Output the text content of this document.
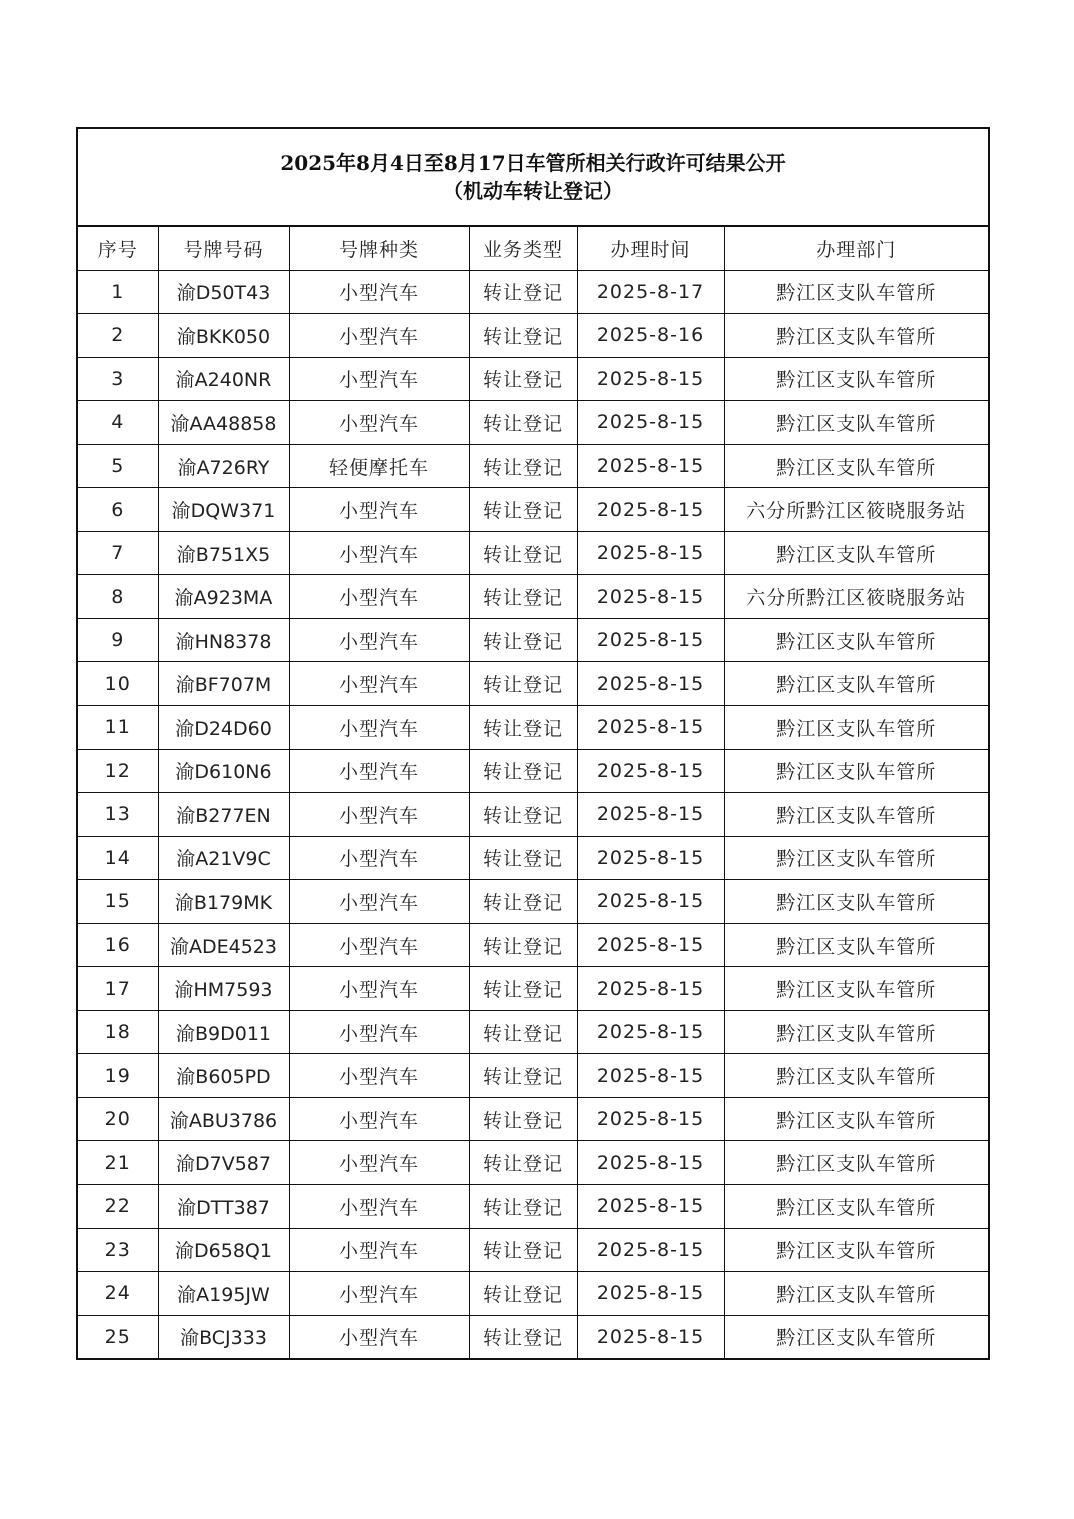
2025年8月4日至8月17日车管所相关行政许可结果公开
（机动车转让登记）
序号	号牌号码	号牌种类	业务类型	办理时间	办理部门
1	渝D50T43	小型汽车	转让登记	2025-8-17	黔江区支队车管所
2	渝BKK050	小型汽车	转让登记	2025-8-16	黔江区支队车管所
3	渝A240NR	小型汽车	转让登记	2025-8-15	黔江区支队车管所
4	渝AA48858	小型汽车	转让登记	2025-8-15	黔江区支队车管所
5	渝A726RY	轻便摩托车	转让登记	2025-8-15	黔江区支队车管所
6	渝DQW371	小型汽车	转让登记	2025-8-15	六分所黔江区筱晓服务站
7	渝B751X5	小型汽车	转让登记	2025-8-15	黔江区支队车管所
8	渝A923MA	小型汽车	转让登记	2025-8-15	六分所黔江区筱晓服务站
9	渝HN8378	小型汽车	转让登记	2025-8-15	黔江区支队车管所
10	渝BF707M	小型汽车	转让登记	2025-8-15	黔江区支队车管所
11	渝D24D60	小型汽车	转让登记	2025-8-15	黔江区支队车管所
12	渝D610N6	小型汽车	转让登记	2025-8-15	黔江区支队车管所
13	渝B277EN	小型汽车	转让登记	2025-8-15	黔江区支队车管所
14	渝A21V9C	小型汽车	转让登记	2025-8-15	黔江区支队车管所
15	渝B179MK	小型汽车	转让登记	2025-8-15	黔江区支队车管所
16	渝ADE4523	小型汽车	转让登记	2025-8-15	黔江区支队车管所
17	渝HM7593	小型汽车	转让登记	2025-8-15	黔江区支队车管所
18	渝B9D011	小型汽车	转让登记	2025-8-15	黔江区支队车管所
19	渝B605PD	小型汽车	转让登记	2025-8-15	黔江区支队车管所
20	渝ABU3786	小型汽车	转让登记	2025-8-15	黔江区支队车管所
21	渝D7V587	小型汽车	转让登记	2025-8-15	黔江区支队车管所
22	渝DTT387	小型汽车	转让登记	2025-8-15	黔江区支队车管所
23	渝D658Q1	小型汽车	转让登记	2025-8-15	黔江区支队车管所
24	渝A195JW	小型汽车	转让登记	2025-8-15	黔江区支队车管所
25	渝BCJ333	小型汽车	转让登记	2025-8-15	黔江区支队车管所
